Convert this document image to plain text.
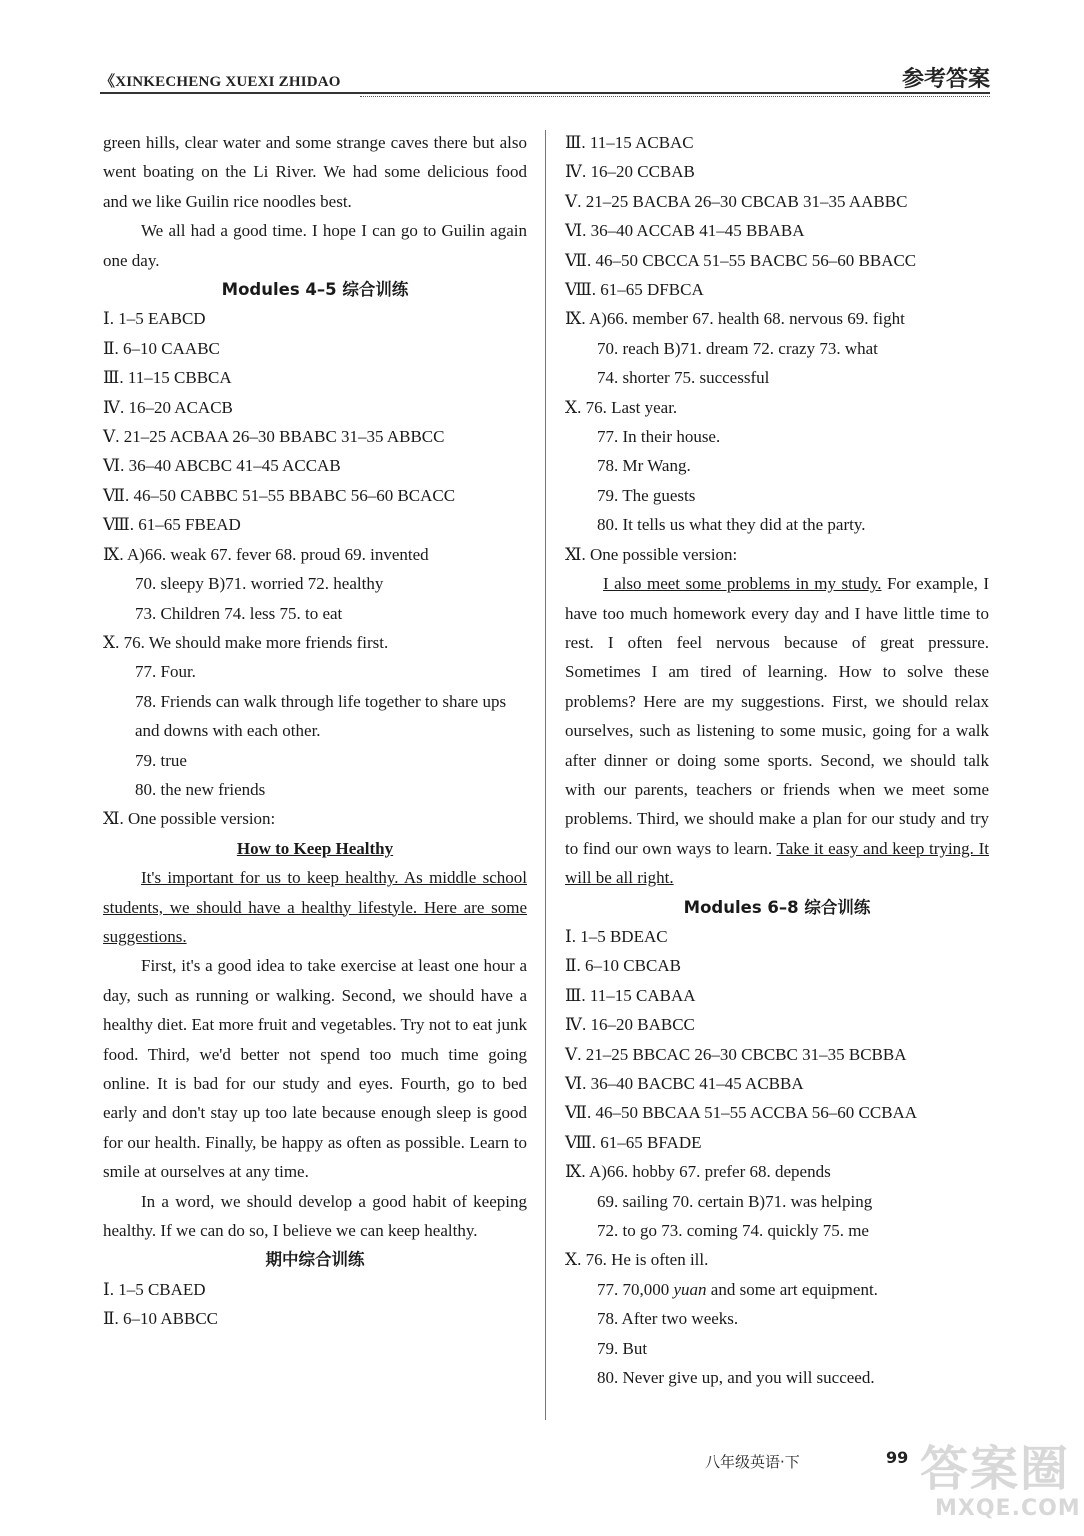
《XINKECHENG XUEXI ZHIDAO	参考答案

green hills, clear water and some strange caves there but also went boating on the Li River. We had some delicious food and we like Guilin rice noodles best.

We all had a good time. I hope I can go to Guilin again one day.

Modules 4–5 综合训练
Ⅰ. 1–5 EABCD
Ⅱ. 6–10 CAABC
Ⅲ. 11–15 CBBCA
Ⅳ. 16–20 ACACB
Ⅴ. 21–25 ACBAA 26–30 BBABC 31–35 ABBCC
Ⅵ. 36–40 ABCBC 41–45 ACCAB
Ⅶ. 46–50 CABBC 51–55 BBABC 56–60 BCACC
Ⅷ. 61–65 FBEAD
Ⅸ. A)66. weak 67. fever 68. proud 69. invented
70. sleepy B)71. worried 72. healthy
73. Children 74. less 75. to eat
Ⅹ. 76. We should make more friends first.
77. Four.
78. Friends can walk through life together to share ups and downs with each other.
79. true
80. the new friends
Ⅺ. One possible version:
How to Keep Healthy

It's important for us to keep healthy. As middle school students, we should have a healthy lifestyle. Here are some suggestions.

First, it's a good idea to take exercise at least one hour a day, such as running or walking. Second, we should have a healthy diet. Eat more fruit and vegetables. Try not to eat junk food. Third, we'd better not spend too much time going online. It is bad for our study and eyes. Fourth, go to bed early and don't stay up too late because enough sleep is good for our health. Finally, be happy as often as possible. Learn to smile at ourselves at any time.

In a word, we should develop a good habit of keeping healthy. If we can do so, I believe we can keep healthy.

期中综合训练
Ⅰ. 1–5 CBAED
Ⅱ. 6–10 ABBCC
Ⅲ. 11–15 ACBAC
Ⅳ. 16–20 CCBAB
Ⅴ. 21–25 BACBA 26–30 CBCAB 31–35 AABBC
Ⅵ. 36–40 ACCAB 41–45 BBABA
Ⅶ. 46–50 CBCCA 51–55 BACBC 56–60 BBACC
Ⅷ. 61–65 DFBCA
Ⅸ. A)66. member 67. health 68. nervous 69. fight
70. reach B)71. dream 72. crazy 73. what
74. shorter 75. successful
Ⅹ. 76. Last year.
77. In their house.
78. Mr Wang.
79. The guests
80. It tells us what they did at the party.
Ⅺ. One possible version:

I also meet some problems in my study. For example, I have too much homework every day and I have little time to rest. I often feel nervous because of great pressure. Sometimes I am tired of learning. How to solve these problems? Here are my suggestions. First, we should relax ourselves, such as listening to some music, going for a walk after dinner or doing some sports. Second, we should talk with our parents, teachers or friends when we meet some problems. Third, we should make a plan for our study and try to find our own ways to learn. Take it easy and keep trying. It will be all right.

Modules 6–8 综合训练
Ⅰ. 1–5 BDEAC
Ⅱ. 6–10 CBCAB
Ⅲ. 11–15 CABAA
Ⅳ. 16–20 BABCC
Ⅴ. 21–25 BBCAC 26–30 CBCBC 31–35 BCBBA
Ⅵ. 36–40 BACBC 41–45 ACBBA
Ⅶ. 46–50 BBCAA 51–55 ACCBA 56–60 CCBAA
Ⅷ. 61–65 BFADE
Ⅸ. A)66. hobby 67. prefer 68. depends
69. sailing 70. certain B)71. was helping
72. to go 73. coming 74. quickly 75. me
Ⅹ. 76. He is often ill.
77. 70,000 yuan and some art equipment.
78. After two weeks.
79. But
80. Never give up, and you will succeed.
八年级英语·下	99 答案圈
MXQE.COM
